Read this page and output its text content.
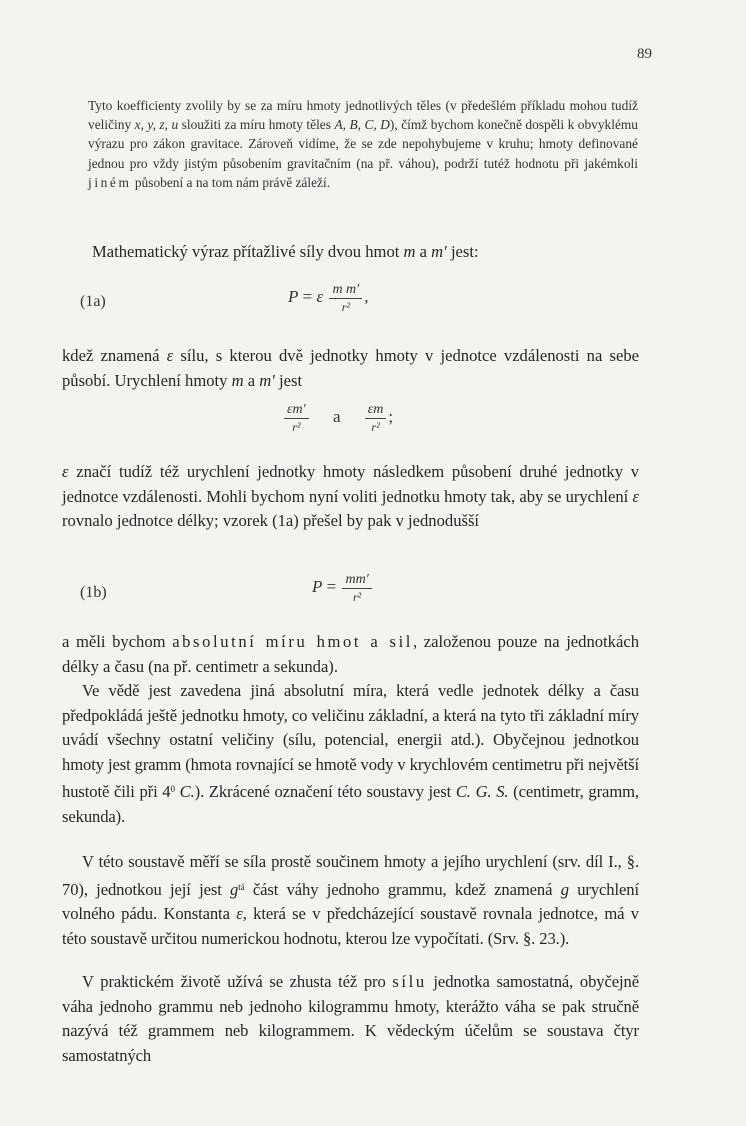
89

Tyto koefficienty zvolily by se za míru hmoty jednotlivých těles (v předešlém příkladu mohou tudíž veličiny x, y, z, u sloužiti za míru hmoty těles A, B, C, D), čímž bychom konečně dospěli k obvyklému výrazu pro zákon gravitace. Zároveň vidíme, že se zde nepohybujeme v kruhu; hmoty definované jednou pro vždy jistým působením gravitačním (na př. váhou), podrží tutéž hodnotu při jakémkoli jiném působení a na tom nám právě záleží.

Mathematický výraz přítažlivé síly dvou hmot m a m′ jest:

(1a)	P = ε $\frac{\text{m m′}}{\text{r²}}$ ,

kdež znamená ε sílu, s kterou dvě jednotky hmoty v jednotce vzdálenosti na sebe působí. Urychlení hmoty m a m′ jest

$\frac{\varepsilon m'}{\text{r²}}$ a $\frac{\varepsilon m}{\text{r²}}$ ;

ε značí tudíž též urychlení jednotky hmoty následkem působení druhé jednotky v jednotce vzdálenosti. Mohli bychom nyní voliti jednotku hmoty tak, aby se urychlení ε rovnalo jednotce délky; vzorek (1a) přešel by pak v jednodušší

(1b)	$P = \frac{mm'}{\text{r²}}$

a měli bychom absolutní míru hmot a sil, založenou pouze na jednotkách délky a času (na př. centimetr a sekunda).

Ve vědě jest zavedena jiná absolutní míra, která vedle jednotek délky a času předpokládá ještě jednotku hmoty, co veličinu základní, a která na tyto tři základní míry uvádí všechny ostatní veličiny (sílu, potencial, energii atd.). Obyčejnou jednotkou hmoty jest gramm (hmota rovnající se hmotě vody v krychlovém centimetru při největší hustotě čili při $4^0$ C.). Zkrácené označení této soustavy jest C. G. S. (centimetr, gramm, sekunda).

V této soustavě měří se síla prostě součinem hmoty a jejího urychlení (srv. díl I., §. 70), jednotkou její jest $g^{tá}$ část váhy jednoho grammu, kdež znamená g urychlení volného pádu. Konstanta ε, která se v předcházející soustavě rovnala jednotce, má v této soustavě určitou numerickou hodnotu, kterou lze vypočítati. (Srv. §. 23.).

V praktickém životě užívá se zhusta též pro sílu jednotka samostatná, obyčejně váha jednoho grammu neb jednoho kilogrammu hmoty, kterážto váha se pak stručně nazývá též grammem neb kilogrammem. K vědeckým účelům se soustava čtyr samostatných
